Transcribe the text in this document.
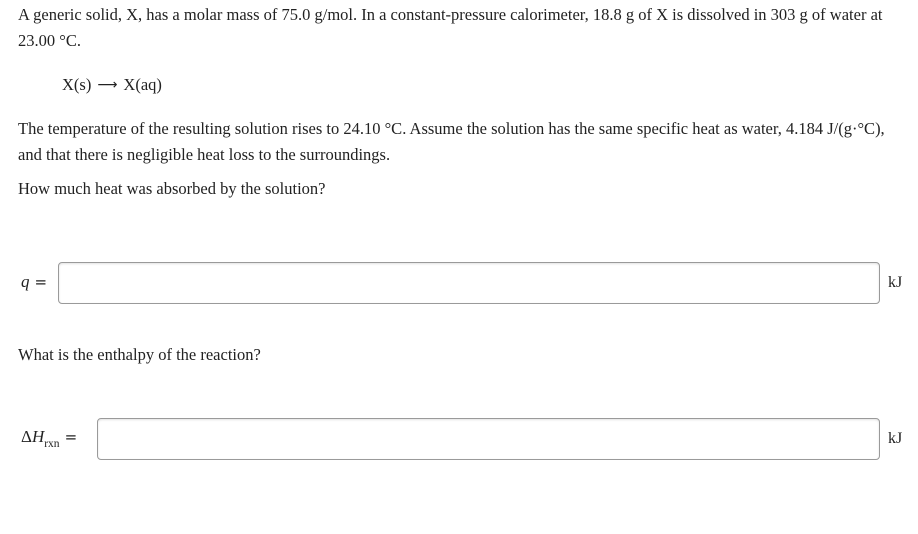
A generic solid, X, has a molar mass of 75.0 g/mol. In a constant-pressure calorimeter, 18.8 g of X is dissolved in 303 g of water at 23.00 °C.

X(s) ⟶ X(aq)

The temperature of the resulting solution rises to 24.10 °C. Assume the solution has the same specific heat as water, 4.184 J/(g·°C), and that there is negligible heat loss to the surroundings.

How much heat was absorbed by the solution?

q =	kJ

What is the enthalpy of the reaction?

$\Delta H_{rxn}$ =	kJ
